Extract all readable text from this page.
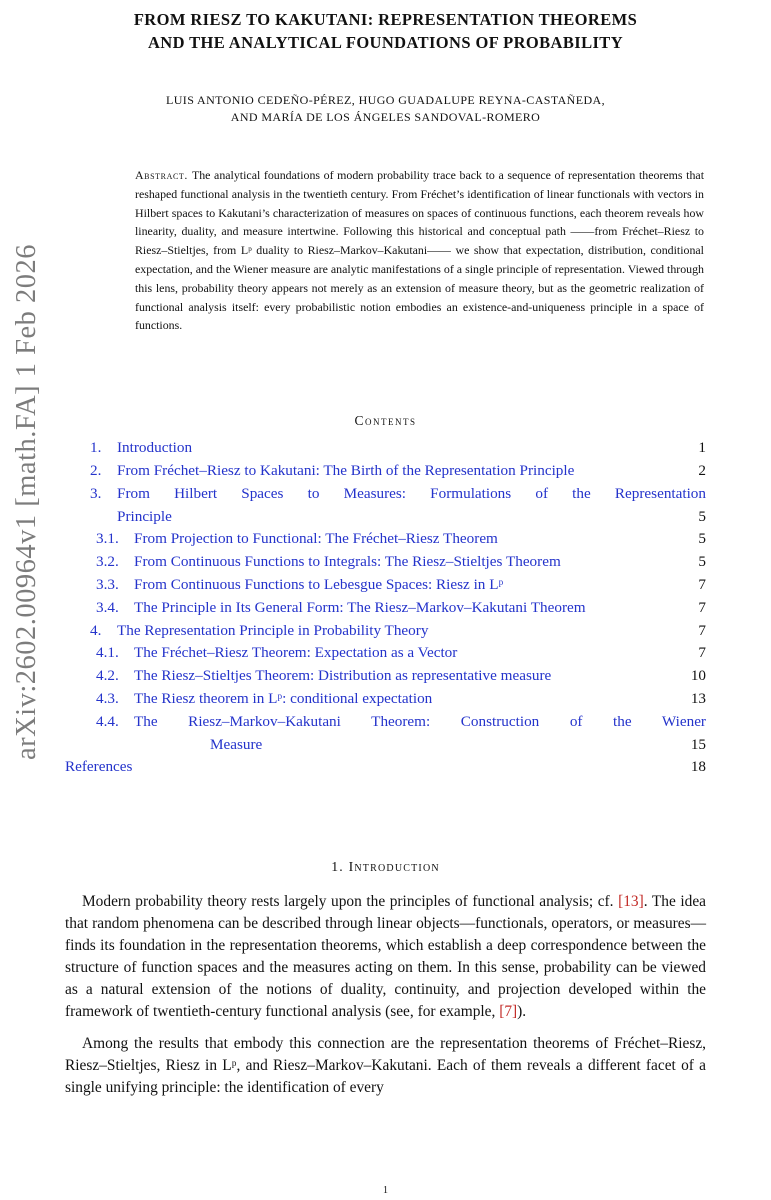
arXiv:2602.00964v1 [math.FA] 1 Feb 2026
FROM RIESZ TO KAKUTANI: REPRESENTATION THEOREMS
AND THE ANALYTICAL FOUNDATIONS OF PROBABILITY
LUIS ANTONIO CEDEÑO-PÉREZ, HUGO GUADALUPE REYNA-CASTAÑEDA,
AND MARÍA DE LOS ÁNGELES SANDOVAL-ROMERO

Abstract. The analytical foundations of modern probability trace back to a sequence of representation theorems that reshaped functional analysis in the twentieth century. From Fréchet’s identification of linear functionals with vectors in Hilbert spaces to Kakutani’s characterization of measures on spaces of continuous functions, each theorem reveals how linearity, duality, and measure intertwine. Following this historical and conceptual path ——from Fréchet–Riesz to Riesz–Stieltjes, from Lᵖ duality to Riesz–Markov–Kakutani—— we show that expectation, distribution, conditional expectation, and the Wiener measure are analytic manifestations of a single principle of representation. Viewed through this lens, probability theory appears not merely as an extension of measure theory, but as the geometric realization of functional analysis itself: every probabilistic notion embodies an existence-and-uniqueness principle in a space of functions.

Contents
1. Introduction	1
2. From Fréchet–Riesz to Kakutani: The Birth of the Representation Principle	2
3. From Hilbert Spaces to Measures: Formulations of the Representation
Principle	5
3.1. From Projection to Functional: The Fréchet–Riesz Theorem	5
3.2. From Continuous Functions to Integrals: The Riesz–Stieltjes Theorem	5
3.3. From Continuous Functions to Lebesgue Spaces: Riesz in Lᵖ	7
3.4. The Principle in Its General Form: The Riesz–Markov–Kakutani Theorem	7
4. The Representation Principle in Probability Theory	7
4.1. The Fréchet–Riesz Theorem: Expectation as a Vector	7
4.2. The Riesz–Stieltjes Theorem: Distribution as representative measure	10
4.3. The Riesz theorem in Lᵖ: conditional expectation	13
4.4. The Riesz–Markov–Kakutani Theorem: Construction of the Wiener
Measure	15
References	18
1. Introduction

Modern probability theory rests largely upon the principles of functional analysis; cf. [13]. The idea that random phenomena can be described through linear objects—functionals, operators, or measures—finds its foundation in the representation theorems, which establish a deep correspondence between the structure of function spaces and the measures acting on them. In this sense, probability can be viewed as a natural extension of the notions of duality, continuity, and projection developed within the framework of twentieth-century functional analysis (see, for example, [7]).

Among the results that embody this connection are the representation theorems of Fréchet–Riesz, Riesz–Stieltjes, Riesz in Lᵖ, and Riesz–Markov–Kakutani. Each of them reveals a different facet of a single unifying principle: the identification of every

1
